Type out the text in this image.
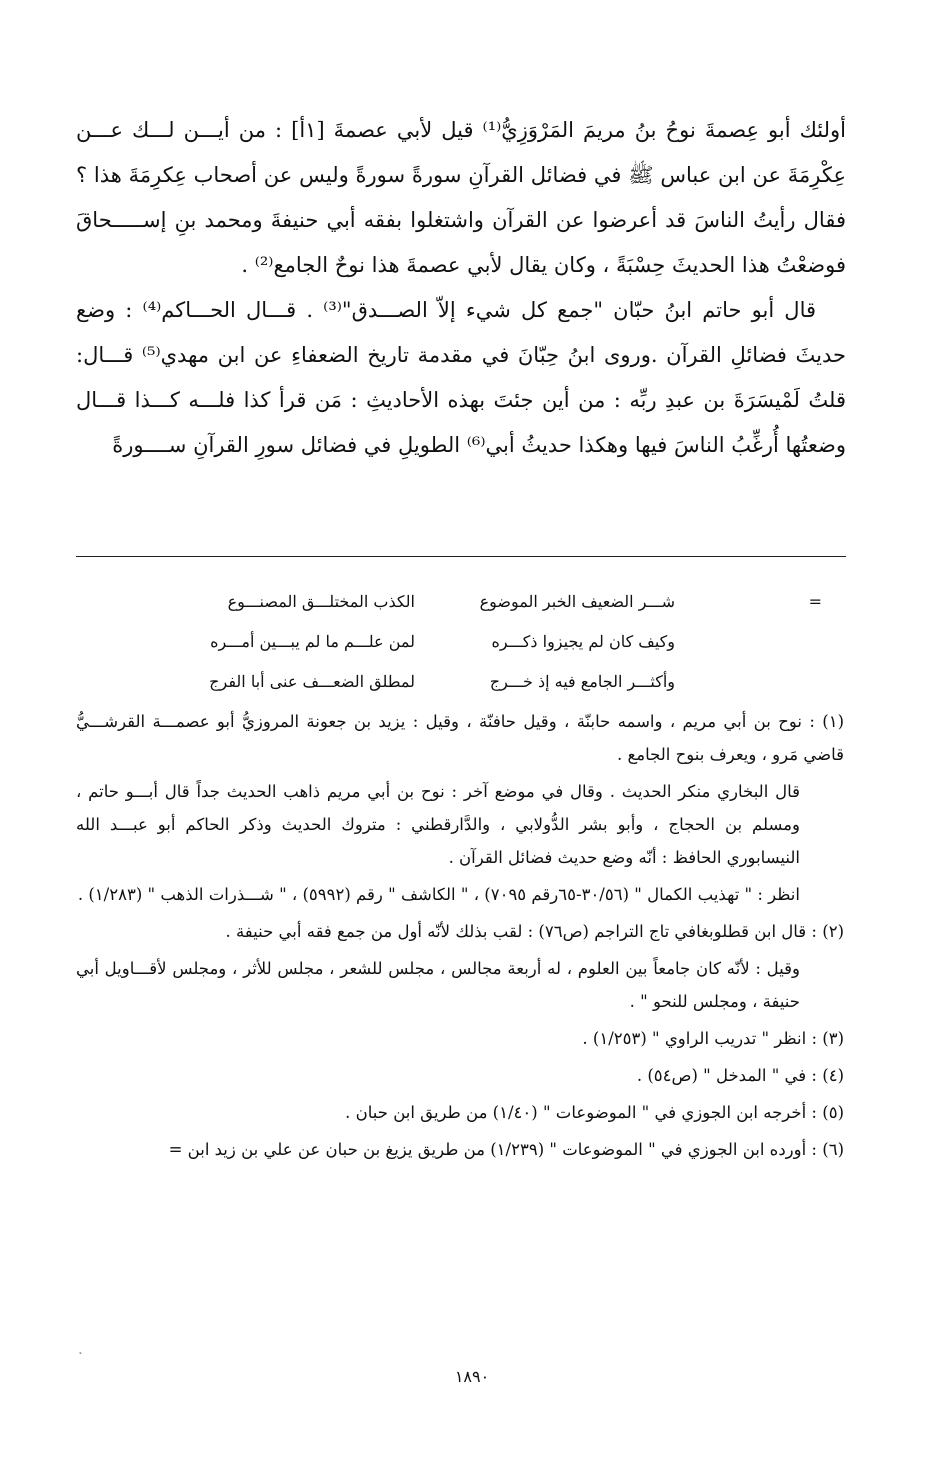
أولئك أبو عِصمةَ نوحُ بنُ مريمَ المَرْوَزِيُّ⁽¹⁾ قيل لأبي عصمةَ [١أ] : من أيـــن لـــك عـــن عِكْرِمَةَ عن ابن عباس ﷺ في فضائل القرآنِ سورةً سورةً وليس عن أصحاب عِكرِمَةَ هذا ؟ فقال رأيتُ الناسَ قد أعرضوا عن القرآن واشتغلوا بفقه أبي حنيفةَ ومحمد بنِ إســـــحاقَ فوضعْتُ هذا الحديثَ حِسْبَةً ، وكان يقال لأبي عصمةَ هذا نوحٌ الجامع⁽²⁾ .

قال أبو حاتم ابنُ حبّان "جمع كل شيء إلاّ الصـــدق"⁽³⁾ . قـــال الحـــاكم⁽⁴⁾ : وضع حديثَ فضائلِ القرآن .وروى ابنُ حِبّانَ في مقدمة تاريخ الضعفاءِ عن ابن مهدي⁽⁵⁾ قـــال: قلتُ لَمْيسَرَةَ بن عبدِ ربِّه : من أين جئتَ بهذه الأحاديثِ : مَن قرأ كذا فلـــه كـــذا قـــال وضعتُها أُرغِّبُ الناسَ فيها وهكذا حديثُ أبي⁽⁶⁾ الطويلِ في فضائل سورِ القرآنِ ســــورةً

=
شـــر الضعيف الخبر الموضوع
الكذب المختلـــق المصنـــوع
وكيف كان لم يجيزوا ذكـــره
لمن علـــم ما لم يبـــين أمـــره
وأكثـــر الجامع فيه إذ خـــرج
لمطلق الضعـــف عنى أبا الفرج

(١) : نوح بن أبي مريم ، واسمه حابنّة ، وقيل حافنّة ، وقيل : يزيد بن جعونة المروزيُّ أبو عصمـــة القرشـــيُّ قاضي مَرو ، ويعرف بنوح الجامع .

قال البخاري منكر الحديث . وقال في موضع آخر : نوح بن أبي مريم ذاهب الحديث جداً قال أبـــو حاتم ، ومسلم بن الحجاج ، وأبو بشر الدُّولابي ، والدَّارقطني : متروك الحديث وذكر الحاكم أبو عبـــد الله النيسابوري الحافظ : أنّه وضع حديث فضائل القرآن .

انظر : " تهذيب الكمال " (٣٠/٥٦-٦٥رقم ٧٠٩٥) ، " الكاشف " رقم (٥٩٩٢) ، " شـــذرات الذهب " (١/٢٨٣) .

(٢) : قال ابن قطلوبغافي تاج التراجم (ص٧٦) : لقب بذلك لأنّه أول من جمع فقه أبي حنيفة .

وقيل : لأنّه كان جامعاً بين العلوم ، له أربعة مجالس ، مجلس للشعر ، مجلس للأثر ، ومجلس لأقـــاويل أبي حنيفة ، ومجلس للنحو " .

(٣) : انظر " تدريب الراوي " (١/٢٥٣) .

(٤) : في " المدخل " (ص٥٤) .

(٥) : أخرجه ابن الجوزي في " الموضوعات " (١/٤٠) من طريق ابن حبان .

(٦) : أورده ابن الجوزي في " الموضوعات " (١/٢٣٩) من طريق يزيغ بن حبان عن علي بن زيد ابن =

١٨٩٠
